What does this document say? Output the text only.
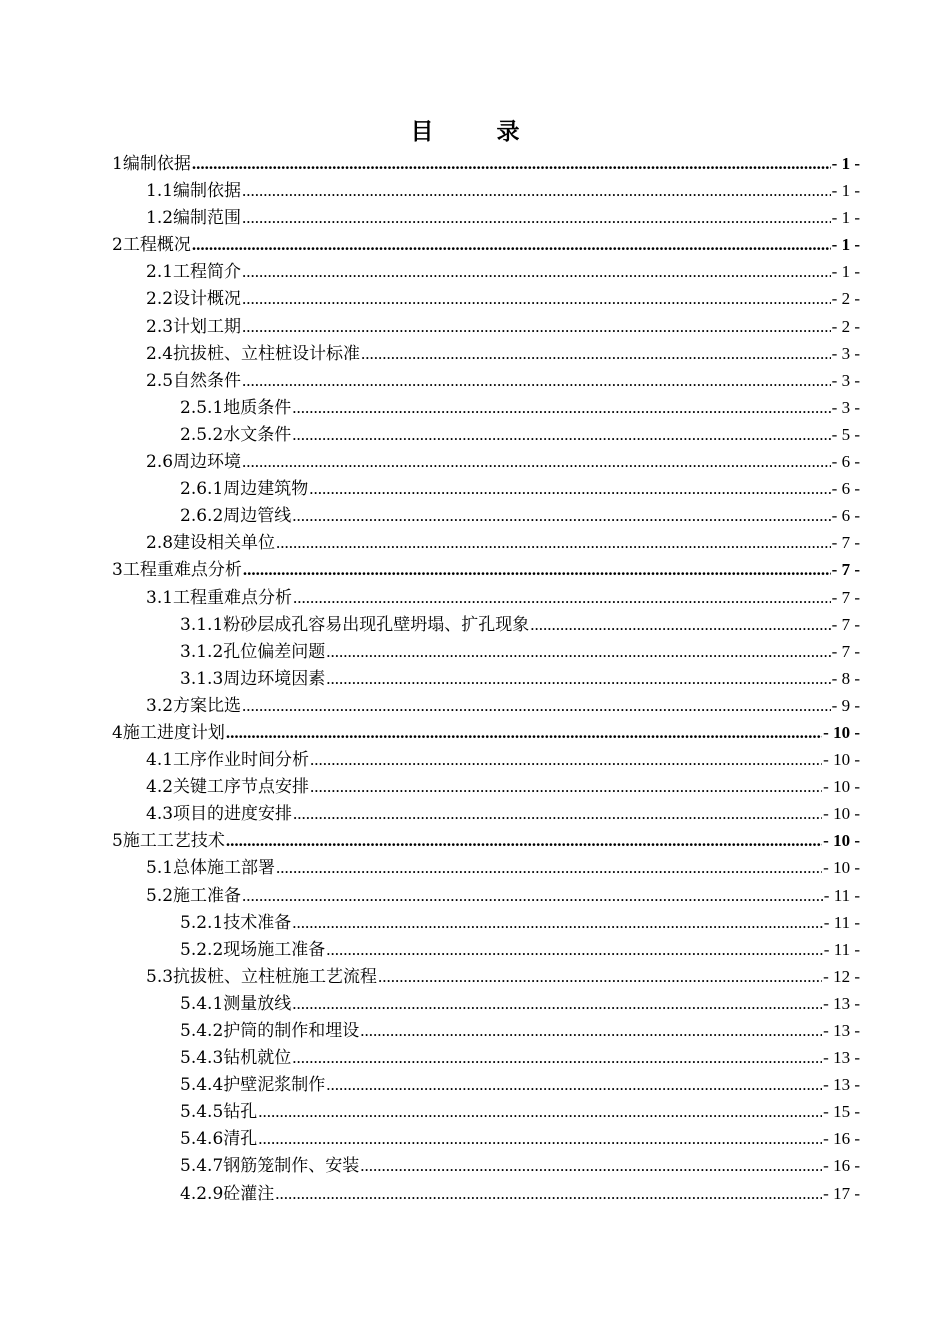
目　录
1编制依据 .....	- 1 -
1.1编制依据 .....	- 1 -
1.2编制范围 .....	- 1 -
2工程概况 .....	- 1 -
2.1工程简介 .....	- 1 -
2.2设计概况 .....	- 2 -
2.3计划工期 .....	- 2 -
2.4抗拔桩、立柱桩设计标准 .....	- 3 -
2.5自然条件 .....	- 3 -
2.5.1地质条件 .....	- 3 -
2.5.2水文条件 .....	- 5 -
2.6周边环境 .....	- 6 -
2.6.1周边建筑物 .....	- 6 -
2.6.2周边管线 .....	- 6 -
2.8建设相关单位 .....	- 7 -
3工程重难点分析 .....	- 7 -
3.1工程重难点分析 .....	- 7 -
3.1.1粉砂层成孔容易出现孔壁坍塌、扩孔现象 .....	- 7 -
3.1.2孔位偏差问题 .....	- 7 -
3.1.3周边环境因素 .....	- 8 -
3.2方案比选 .....	- 9 -
4施工进度计划 .....	- 10 -
4.1工序作业时间分析 .....	- 10 -
4.2关键工序节点安排 .....	- 10 -
4.3项目的进度安排 .....	- 10 -
5施工工艺技术 .....	- 10 -
5.1总体施工部署 .....	- 10 -
5.2施工准备 .....	- 11 -
5.2.1技术准备 .....	- 11 -
5.2.2现场施工准备 .....	- 11 -
5.3抗拔桩、立柱桩施工艺流程 .....	- 12 -
5.4.1测量放线 .....	- 13 -
5.4.2护筒的制作和埋设 .....	- 13 -
5.4.3钻机就位 .....	- 13 -
5.4.4护壁泥浆制作 .....	- 13 -
5.4.5钻孔 .....	- 15 -
5.4.6清孔 .....	- 16 -
5.4.7钢筋笼制作、安装 .....	- 16 -
4.2.9砼灌注 .....	- 17 -
